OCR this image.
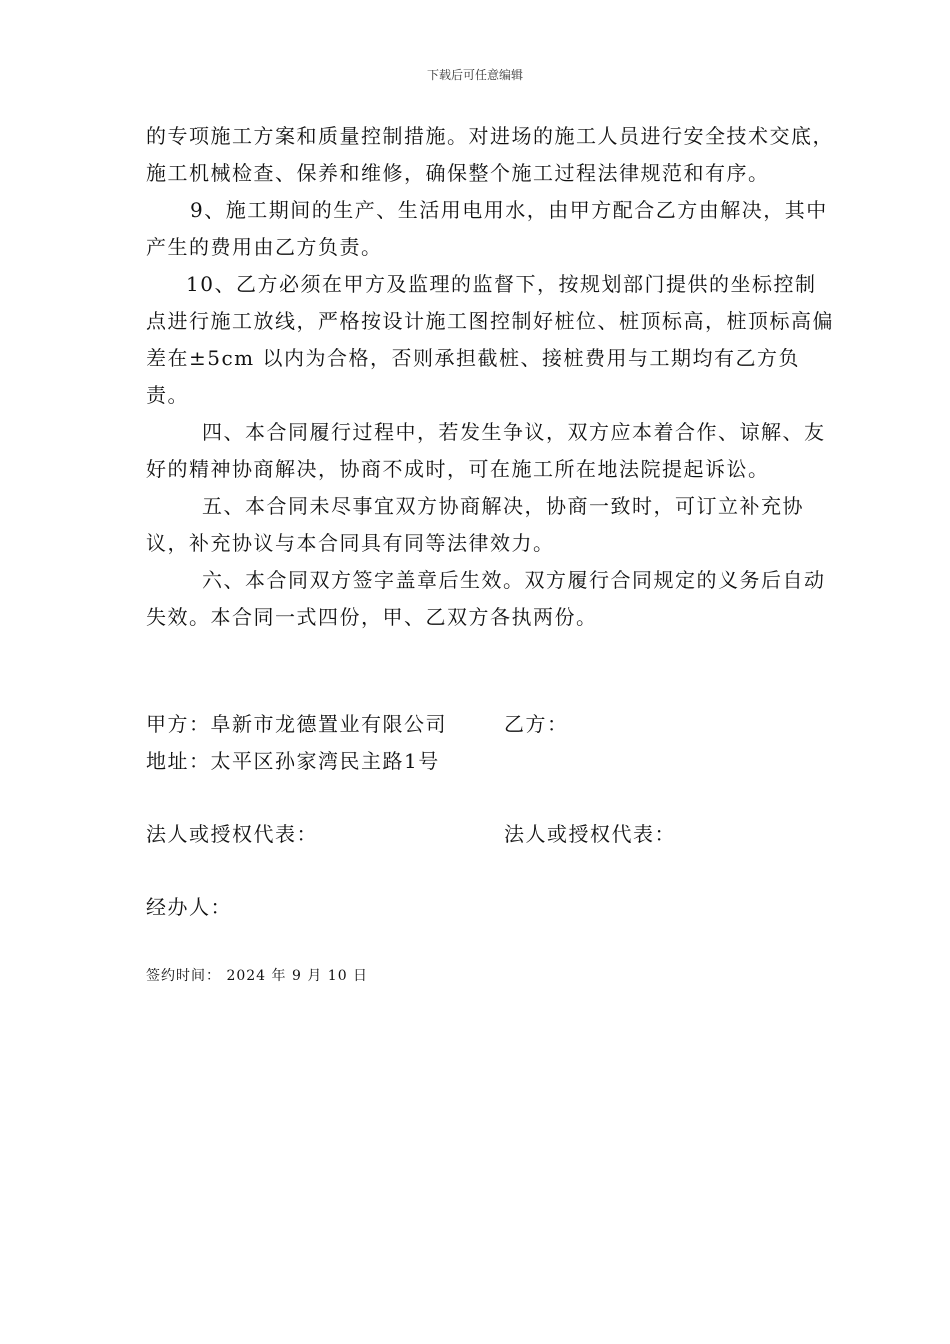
下载后可任意编辑

的专项施工方案和质量控制措施。对进场的施工人员进行安全技术交底，施工机械检查、保养和维修，确保整个施工过程法律规范和有序。

9、施工期间的生产、生活用电用水，由甲方配合乙方由解决，其中产生的费用由乙方负责。

10、乙方必须在甲方及监理的监督下，按规划部门提供的坐标控制点进行施工放线，严格按设计施工图控制好桩位、桩顶标高，桩顶标高偏差在±5cm 以内为合格，否则承担截桩、接桩费用与工期均有乙方负责。

四、本合同履行过程中，若发生争议，双方应本着合作、谅解、友好的精神协商解决，协商不成时，可在施工所在地法院提起诉讼。

五、本合同未尽事宜双方协商解决，协商一致时，可订立补充协议，补充协议与本合同具有同等法律效力。

六、本合同双方签字盖章后生效。双方履行合同规定的义务后自动失效。本合同一式四份，甲、乙双方各执两份。

甲方：阜新市龙德置业有限公司	乙方：
地址：太平区孙家湾民主路1号
法人或授权代表：	法人或授权代表：
经办人：
签约时间： 2024 年 9 月 10 日
